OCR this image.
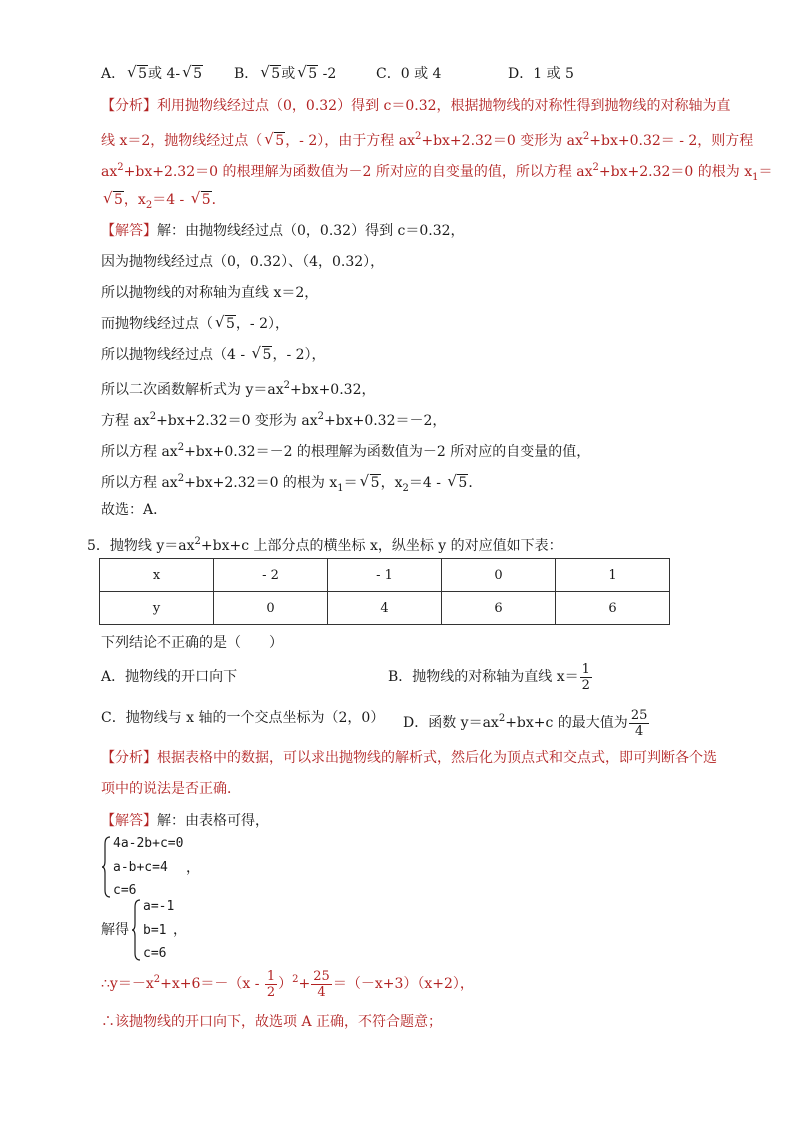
A． √ 5或 4- √ 5 B． √ 5或 √ 5 -2	C．0 或 4	D．1 或 5
【分析】利用抛物线经过点（0，0.32）得到 c＝0.32，根据抛物线的对称性得到抛物线的对称轴为直
线 x＝2，抛物线经过点（ √ 5，- 2），由于方程 $ax^2+bx+2.32=0$ 变形为 $ax^2+bx+0.32= - 2$，则方程
$ax^2+bx+2.32=0$ 的根理解为函数值为－2 所对应的自变量的值，所以方程 $ax^2+bx+2.32=0$ 的根为 $x_1=$
√ 5，$x_2=4$ - √ 5．
【解答】解：由抛物线经过点（0，0.32）得到 c＝0.32，
因为抛物线经过点（0，0.32）、（4，0.32），
所以抛物线的对称轴为直线 x＝2，
而抛物线经过点（ √ 5，- 2），
所以抛物线经过点（4 - √ 5，- 2），
所以二次函数解析式为 $y=ax^2+bx+0.32$，
方程 $ax^2+bx+2.32=0$ 变形为 $ax^2+bx+0.32=-2$，
所以方程 $ax^2+bx+0.32=-2$ 的根理解为函数值为－2 所对应的自变量的值，
所以方程 $ax^2+bx+2.32=0$ 的根为 $x_1=$ √ 5，$x_2=4$ - √ 5．
故选：A．
5．抛物线 $y=ax^2+bx+c$ 上部分点的横坐标 x，纵坐标 y 的对应值如下表：
x	- 2	- 1	0	1
y	0	4	6	6
下列结论不正确的是（　　）
A．抛物线的开口向下	B．抛物线的对称轴为直线 $x= \frac{1}{2}$
C．抛物线与 x 轴的一个交点坐标为（2，0） D．函数 $y=ax^2+bx+c$ 的最大值为 $\frac{25}{4}$
【分析】根据表格中的数据，可以求出抛物线的解析式，然后化为顶点式和交点式，即可判断各个选
项中的说法是否正确．
【解答】解：由表格可得，
4a-2b+c=0
a-b+c=4
c=6
，
解得
a=-1
b=1
c=6
，
$\therefore y=-x^2+x+6=-(x - \frac{1}{2} )^2+ \frac{25}{4} =(-x+3)(x+2)$，
∴该抛物线的开口向下，故选项 A 正确，不符合题意；
